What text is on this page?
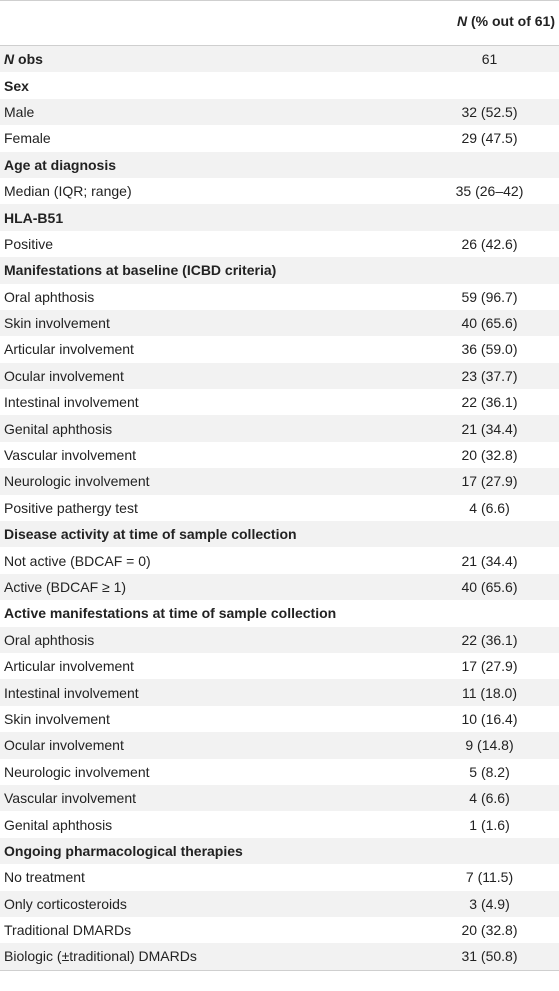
N (% out of 61)
N obs	61
Sex
Male	32 (52.5)
Female	29 (47.5)
Age at diagnosis
Median (IQR; range)	35 (26–42)
HLA-B51
Positive	26 (42.6)
Manifestations at baseline (ICBD criteria)
Oral aphthosis	59 (96.7)
Skin involvement	40 (65.6)
Articular involvement	36 (59.0)
Ocular involvement	23 (37.7)
Intestinal involvement	22 (36.1)
Genital aphthosis	21 (34.4)
Vascular involvement	20 (32.8)
Neurologic involvement	17 (27.9)
Positive pathergy test	4 (6.6)
Disease activity at time of sample collection
Not active (BDCAF = 0)	21 (34.4)
Active (BDCAF ≥ 1)	40 (65.6)
Active manifestations at time of sample collection
Oral aphthosis	22 (36.1)
Articular involvement	17 (27.9)
Intestinal involvement	11 (18.0)
Skin involvement	10 (16.4)
Ocular involvement	9 (14.8)
Neurologic involvement	5 (8.2)
Vascular involvement	4 (6.6)
Genital aphthosis	1 (1.6)
Ongoing pharmacological therapies
No treatment	7 (11.5)
Only corticosteroids	3 (4.9)
Traditional DMARDs	20 (32.8)
Biologic (±traditional) DMARDs	31 (50.8)
